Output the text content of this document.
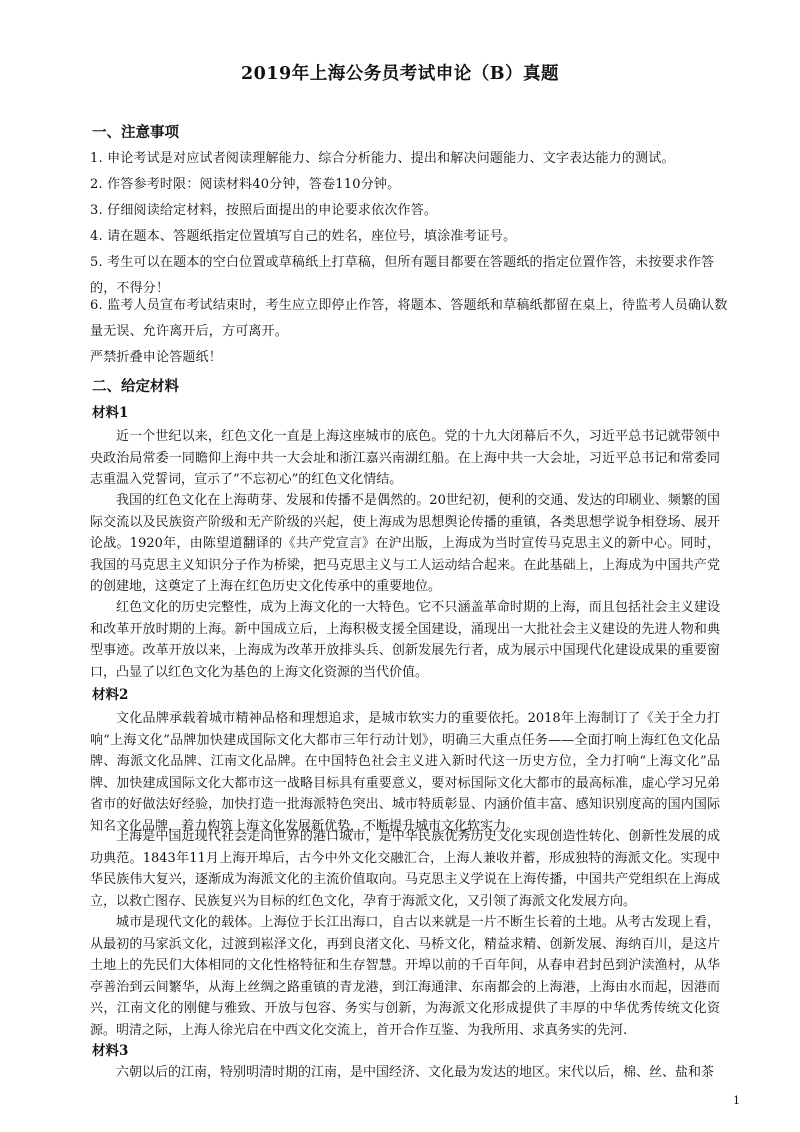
2019年上海公务员考试申论（B）真题
一、注意事项
1. 申论考试是对应试者阅读理解能力、综合分析能力、提出和解决问题能力、文字表达能力的测试。
2. 作答参考时限：阅读材料40分钟，答卷110分钟。
3. 仔细阅读给定材料，按照后面提出的申论要求依次作答。
4. 请在题本、答题纸指定位置填写自己的姓名，座位号，填涂准考证号。
5. 考生可以在题本的空白位置或草稿纸上打草稿，但所有题目都要在答题纸的指定位置作答，未按要求作答的，不得分！
6. 监考人员宣布考试结束时，考生应立即停止作答，将题本、答题纸和草稿纸都留在桌上，待监考人员确认数量无误、允许离开后，方可离开。
严禁折叠申论答题纸！
二、给定材料
材料1
近一个世纪以来，红色文化一直是上海这座城市的底色。党的十九大闭幕后不久，习近平总书记就带领中央政治局常委一同瞻仰上海中共一大会址和浙江嘉兴南湖红船。在上海中共一大会址，习近平总书记和常委同志重温入党誓词，宣示了“不忘初心”的红色文化情结。
我国的红色文化在上海萌芽、发展和传播不是偶然的。20世纪初，便利的交通、发达的印刷业、频繁的国际交流以及民族资产阶级和无产阶级的兴起，使上海成为思想舆论传播的重镇，各类思想学说争相登场、展开论战。1920年，由陈望道翻译的《共产党宣言》在沪出版，上海成为当时宣传马克思主义的新中心。同时，我国的马克思主义知识分子作为桥梁，把马克思主义与工人运动结合起来。在此基础上，上海成为中国共产党的创建地，这奠定了上海在红色历史文化传承中的重要地位。
红色文化的历史完整性，成为上海文化的一大特色。它不只涵盖革命时期的上海，而且包括社会主义建设和改革开放时期的上海。新中国成立后，上海积极支援全国建设，涌现出一大批社会主义建设的先进人物和典型事迹。改革开放以来，上海成为改革开放排头兵、创新发展先行者，成为展示中国现代化建设成果的重要窗口，凸显了以红色文化为基色的上海文化资源的当代价值。
材料2
文化品牌承载着城市精神品格和理想追求，是城市软实力的重要依托。2018年上海制订了《关于全力打响“上海文化”品牌加快建成国际文化大都市三年行动计划》，明确三大重点任务——全面打响上海红色文化品牌、海派文化品牌、江南文化品牌。在中国特色社会主义进入新时代这一历史方位，全力打响“上海文化”品牌、加快建成国际文化大都市这一战略目标具有重要意义，要对标国际文化大都市的最高标准，虚心学习兄弟省市的好做法好经验，加快打造一批海派特色突出、城市特质彰显、内涵价值丰富、感知识别度高的国内国际知名文化品牌，着力构筑上海文化发展新优势，不断提升城市文化软实力。
上海是中国近现代社会走向世界的港口城市，是中华民族优秀历史文化实现创造性转化、创新性发展的成功典范。1843年11月上海开埠后，古今中外文化交融汇合，上海人兼收并蓄，形成独特的海派文化。实现中华民族伟大复兴，逐渐成为海派文化的主流价值取向。马克思主义学说在上海传播，中国共产党组织在上海成立，以救亡图存、民族复兴为目标的红色文化，孕育于海派文化，又引领了海派文化发展方向。
城市是现代文化的载体。上海位于长江出海口，自古以来就是一片不断生长着的土地。从考古发现上看，从最初的马家浜文化，过渡到崧泽文化，再到良渚文化、马桥文化，精益求精、创新发展、海纳百川，是这片土地上的先民们大体相同的文化性格特征和生存智慧。开埠以前的千百年间，从春申君封邑到沪渎渔村，从华亭善治到云间繁华，从海上丝绸之路重镇的青龙港，到江海通津、东南都会的上海港，上海由水而起，因港而兴，江南文化的刚健与雅致、开放与包容、务实与创新，为海派文化形成提供了丰厚的中华优秀传统文化资源。明清之际，上海人徐光启在中西文化交流上，首开合作互鉴、为我所用、求真务实的先河.
材料3
六朝以后的江南，特别明清时期的江南，是中国经济、文化最为发达的地区。宋代以后，棉、丝、盐和茶
1
